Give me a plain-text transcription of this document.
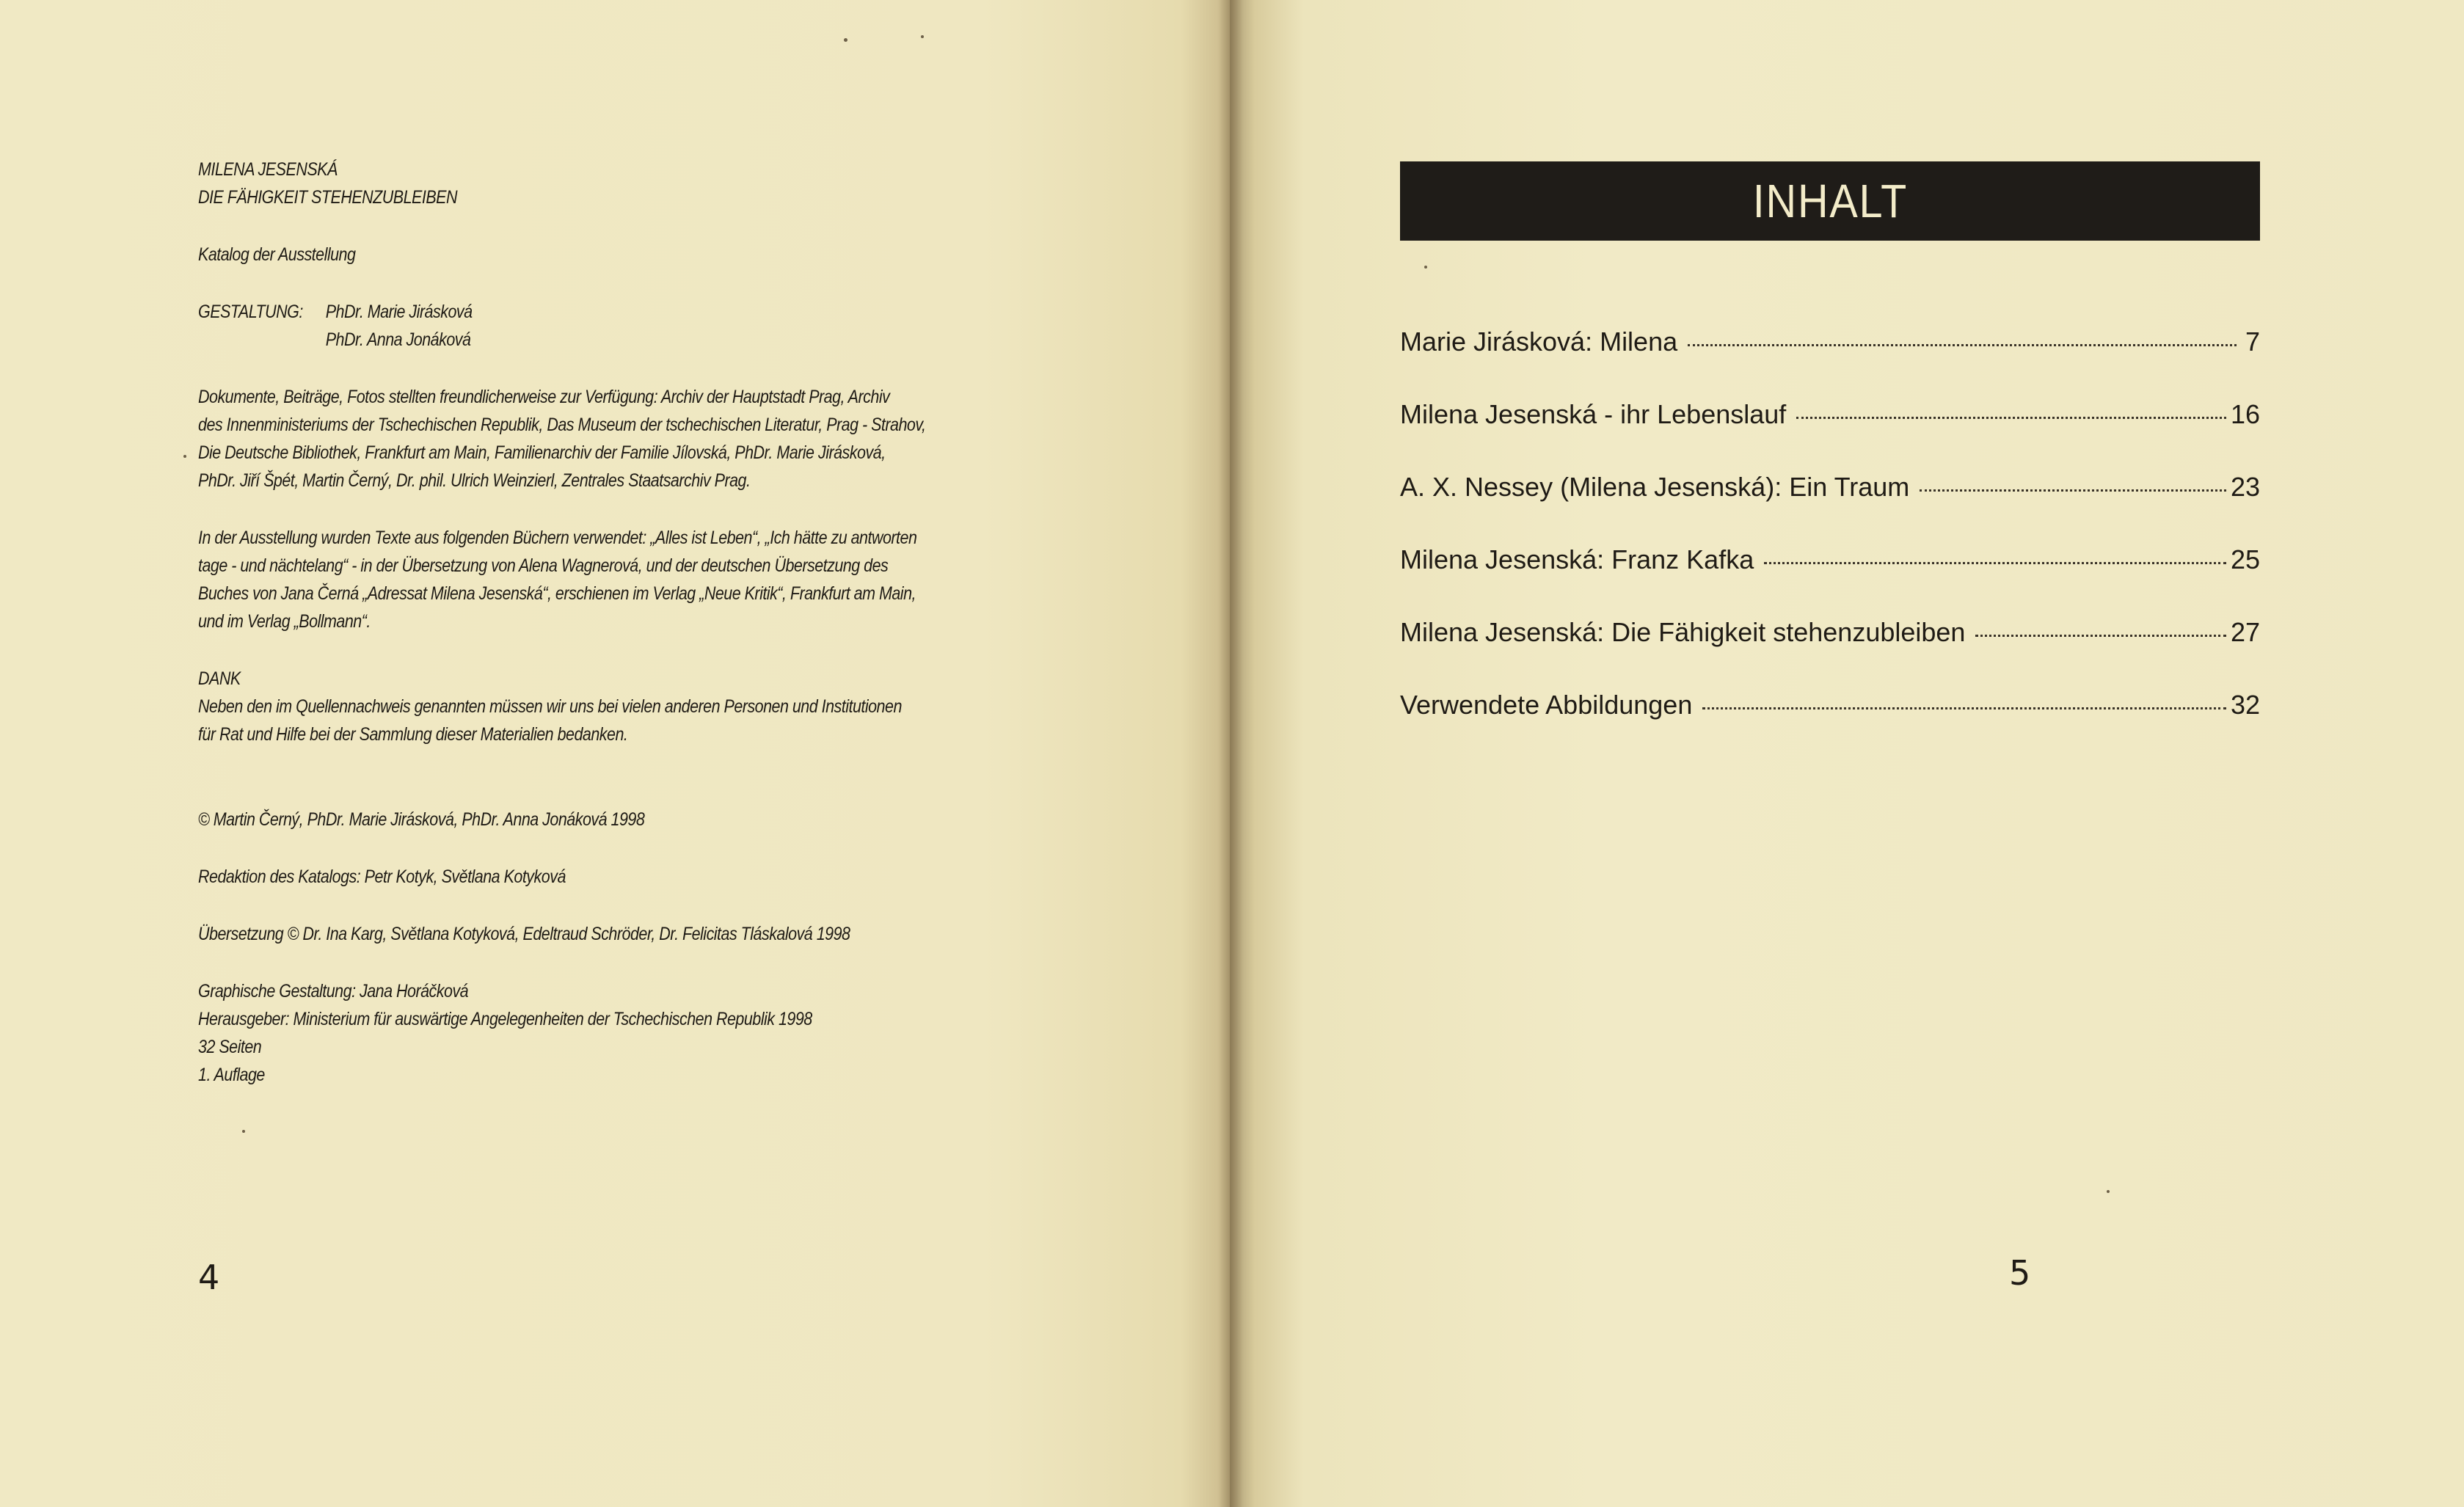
MILENA JESENSKÁ
DIE FÄHIGKEIT STEHENZUBLEIBEN
Katalog der Ausstellung
GESTALTUNG:	PhDr. Marie Jirásková
PhDr. Anna Jonáková
Dokumente, Beiträge, Fotos stellten freundlicherweise zur Verfügung: Archiv der Hauptstadt Prag, Archiv
des Innenministeriums der Tschechischen Republik, Das Museum der tschechischen Literatur, Prag - Strahov,
Die Deutsche Bibliothek, Frankfurt am Main, Familienarchiv der Familie Jílovská, PhDr. Marie Jirásková,
PhDr. Jiří Špét, Martin Černý, Dr. phil. Ulrich Weinzierl, Zentrales Staatsarchiv Prag.
In der Ausstellung wurden Texte aus folgenden Büchern verwendet: „Alles ist Leben“, „Ich hätte zu antworten
tage - und nächtelang“ - in der Übersetzung von Alena Wagnerová, und der deutschen Übersetzung des
Buches von Jana Černá „Adressat Milena Jesenská“, erschienen im Verlag „Neue Kritik“, Frankfurt am Main,
und im Verlag „Bollmann“.
DANK
Neben den im Quellennachweis genannten müssen wir uns bei vielen anderen Personen und Institutionen
für Rat und Hilfe bei der Sammlung dieser Materialien bedanken.
© Martin Černý, PhDr. Marie Jirásková, PhDr. Anna Jonáková 1998
Redaktion des Katalogs: Petr Kotyk, Světlana Kotyková
Übersetzung © Dr. Ina Karg, Světlana Kotyková, Edeltraud Schröder, Dr. Felicitas Tláskalová 1998
Graphische Gestaltung: Jana Horáčková
Herausgeber: Ministerium für auswärtige Angelegenheiten der Tschechischen Republik 1998
32 Seiten
1. Auflage
4
INHALT
Marie Jirásková: Milena	7
Milena Jesenská - ihr Lebenslauf	16
A. X. Nessey (Milena Jesenská): Ein Traum	23
Milena Jesenská: Franz Kafka	25
Milena Jesenská: Die Fähigkeit stehenzubleiben	27
Verwendete Abbildungen	32
5
